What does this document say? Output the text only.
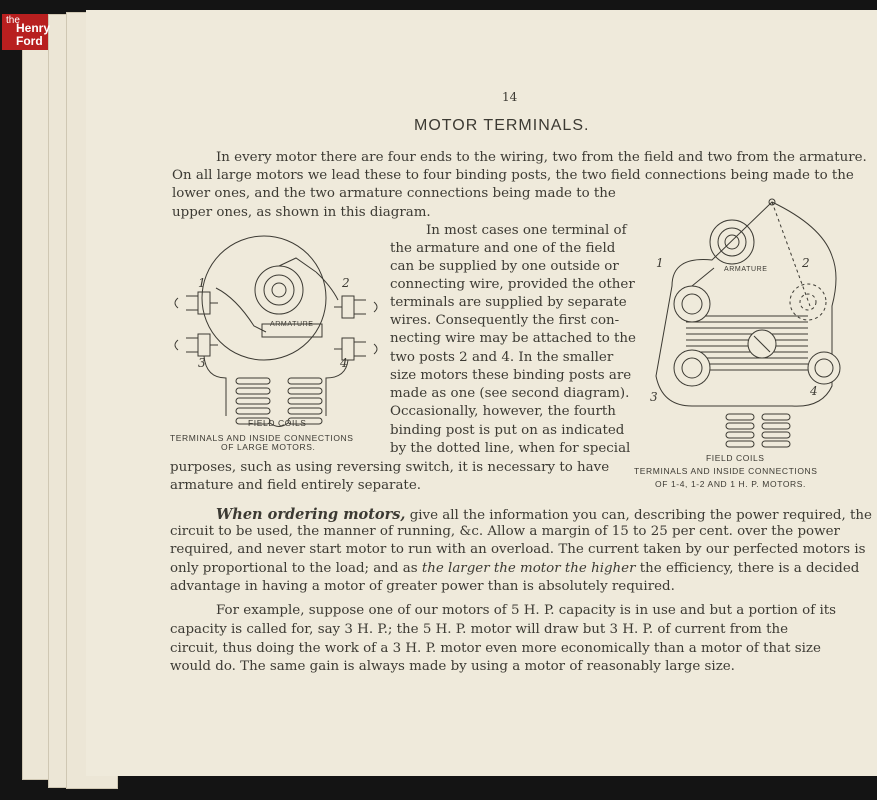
the
Henry
Ford
14
MOTOR TERMINALS.
In every motor there are four ends to the wiring, two from the field and two from the armature.
On all large motors we lead these to four binding posts, the two field connections being made to the
lower ones, and the two armature connections being made to the
upper ones, as shown in this diagram.
In most cases one terminal of
the armature and one of the field
can be supplied by one outside or
connecting wire, provided the other
terminals are supplied by separate
wires. Consequently the first con-
necting wire may be attached to the
two posts 2 and 4. In the smaller
size motors these binding posts are
made as one (see second diagram).
Occasionally, however, the fourth
binding post is put on as indicated
by the dotted line, when for special
purposes, such as using reversing switch, it is necessary to have
armature and field entirely separate.
ARMATURE
1	2
3	4
FIELD COILS
TERMINALS AND INSIDE CONNECTIONS
OF LARGE MOTORS.
ARMATURE
1	2
3	4
FIELD COILS
TERMINALS AND INSIDE CONNECTIONS
OF 1-4, 1-2 AND 1 H. P. MOTORS.
When ordering motors, give all the information you can, describing the power required, the
circuit to be used, the manner of running, &c. Allow a margin of 15 to 25 per cent. over the power
required, and never start motor to run with an overload. The current taken by our perfected motors is
only proportional to the load; and as the larger the motor the higher the efficiency, there is a decided
advantage in having a motor of greater power than is absolutely required.
For example, suppose one of our motors of 5 H. P. capacity is in use and but a portion of its
capacity is called for, say 3 H. P.; the 5 H. P. motor will draw but 3 H. P. of current from the
circuit, thus doing the work of a 3 H. P. motor even more economically than a motor of that size
would do. The same gain is always made by using a motor of reasonably large size.
